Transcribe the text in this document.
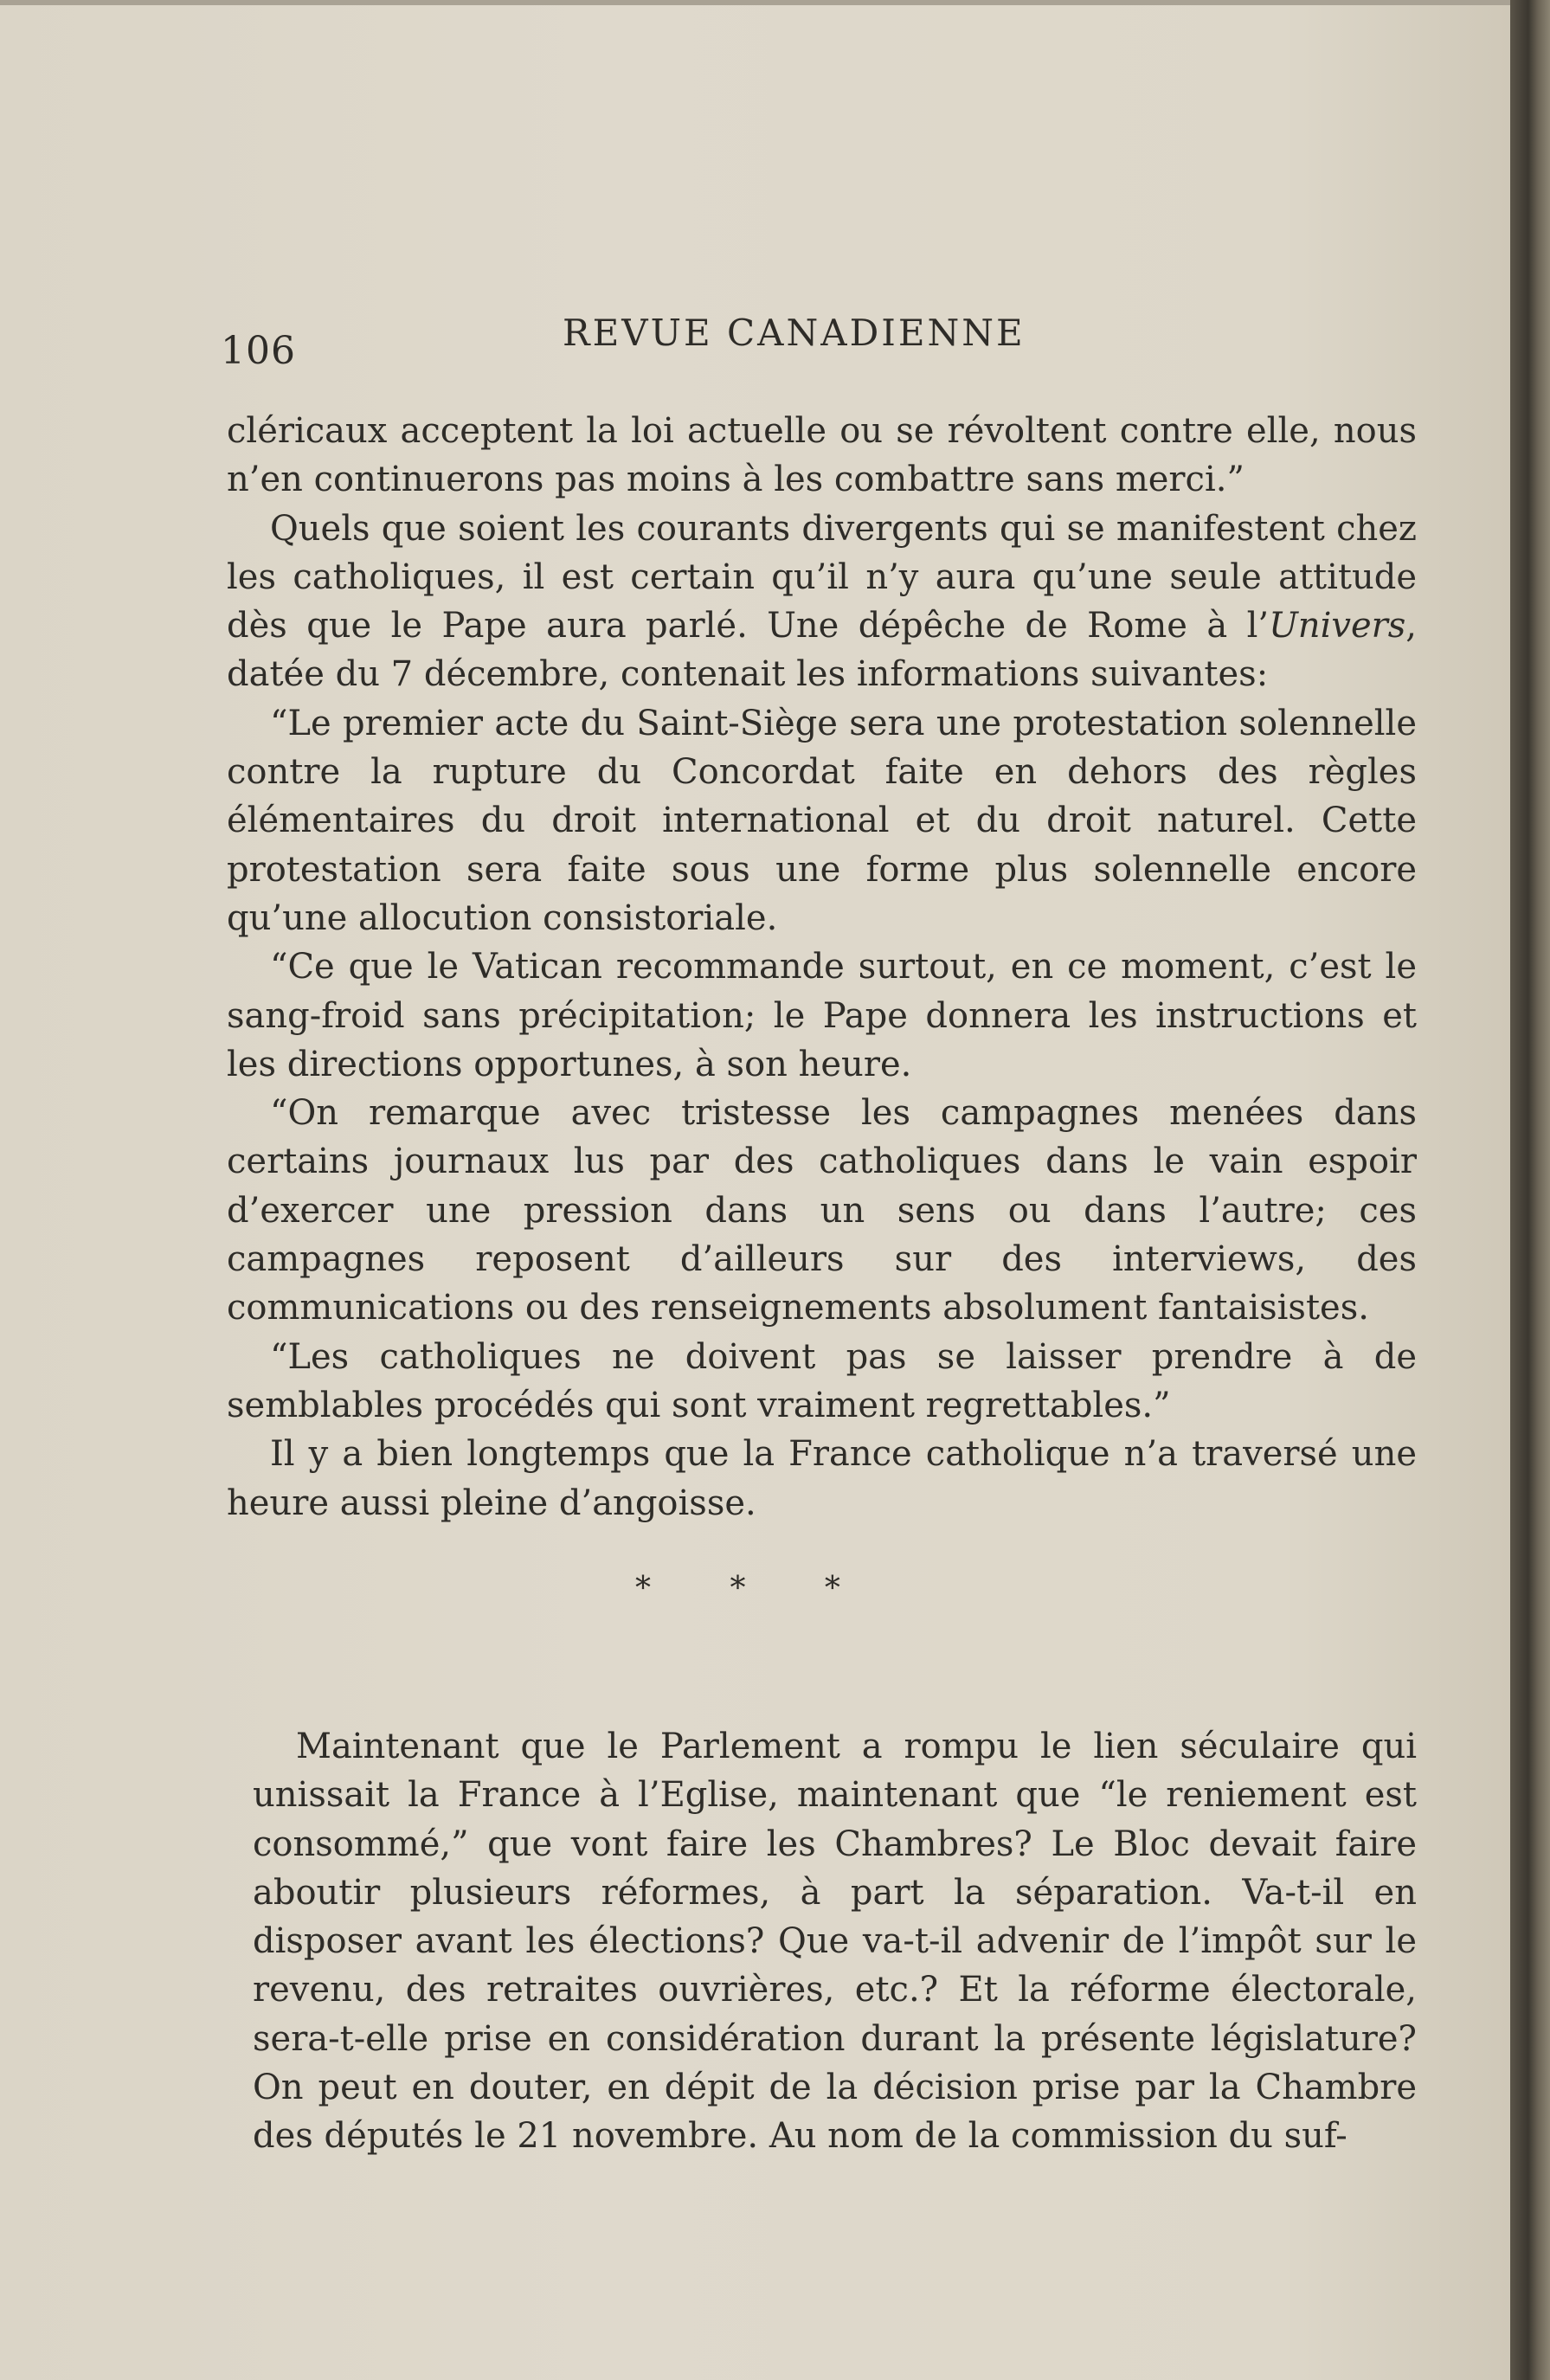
106	REVUE CANADIENNE

cléricaux acceptent la loi actuelle ou se révoltent contre elle, nous n’en continuerons pas moins à les combattre sans merci.”

Quels que soient les courants divergents qui se manifestent chez les catholiques, il est certain qu’il n’y aura qu’une seule attitude dès que le Pape aura parlé. Une dépêche de Rome à l’Univers, datée du 7 décembre, contenait les informations suivantes:

“Le premier acte du Saint-Siège sera une protestation solennelle contre la rupture du Concordat faite en dehors des règles élémentaires du droit international et du droit naturel. Cette protestation sera faite sous une forme plus solennelle encore qu’une allocution consistoriale.

“Ce que le Vatican recommande surtout, en ce moment, c’est le sang-froid sans précipitation; le Pape donnera les instructions et les directions opportunes, à son heure.

“On remarque avec tristesse les campagnes menées dans certains journaux lus par des catholiques dans le vain espoir d’exercer une pression dans un sens ou dans l’autre; ces campagnes reposent d’ailleurs sur des interviews, des communications ou des renseignements absolument fantaisistes.

“Les catholiques ne doivent pas se laisser prendre à de semblables procédés qui sont vraiment regrettables.”

Il y a bien longtemps que la France catholique n’a traversé une heure aussi pleine d’angoisse.

* * *

Maintenant que le Parlement a rompu le lien séculaire qui unissait la France à l’Eglise, maintenant que “le reniement est consommé,” que vont faire les Chambres? Le Bloc devait faire aboutir plusieurs réformes, à part la séparation. Va-t-il en disposer avant les élections? Que va-t-il advenir de l’impôt sur le revenu, des retraites ouvrières, etc.? Et la réforme électorale, sera-t-elle prise en considération durant la présente législature? On peut en douter, en dépit de la décision prise par la Chambre des députés le 21 novembre. Au nom de la commission du suf-
